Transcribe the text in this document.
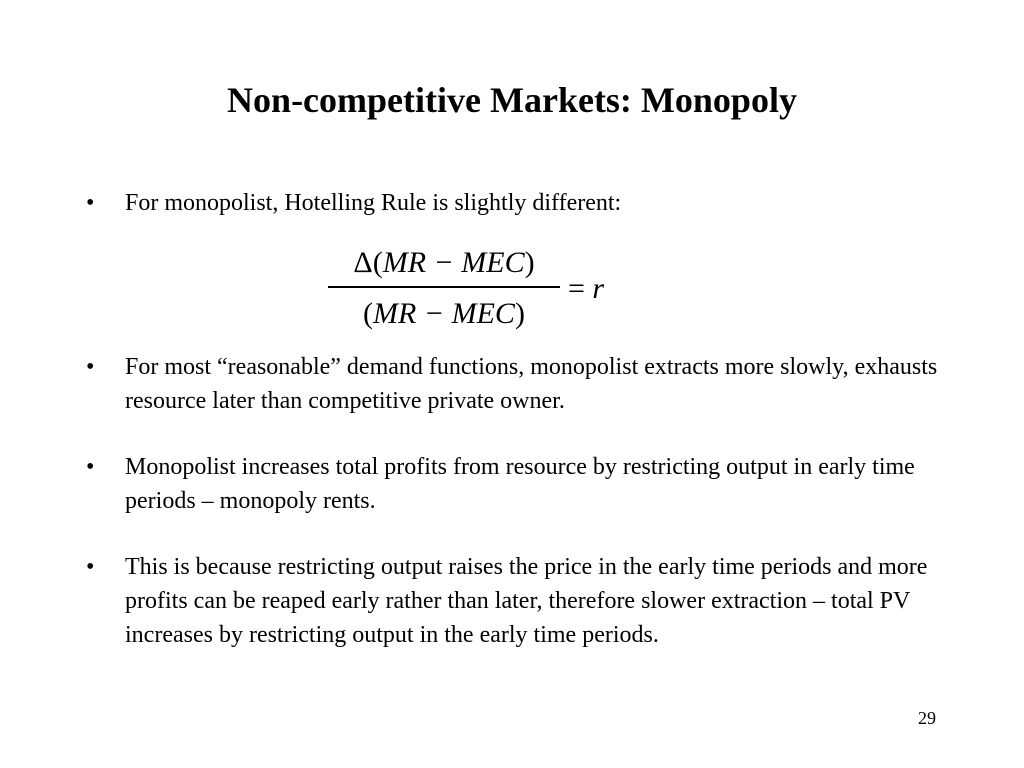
Non-competitive Markets: Monopoly
•	For monopolist, Hotelling Rule is slightly different:
Δ(MR − MEC)
(MR − MEC)
= r
•	For most “reasonable” demand functions, monopolist extracts more slowly, exhausts resource later than competitive private owner.
•	Monopolist increases total profits from resource by restricting output in early time periods – monopoly rents.
•	This is because restricting output raises the price in the early time periods and more profits can be reaped early rather than later, therefore slower extraction – total PV increases by restricting output in the early time periods.
29
